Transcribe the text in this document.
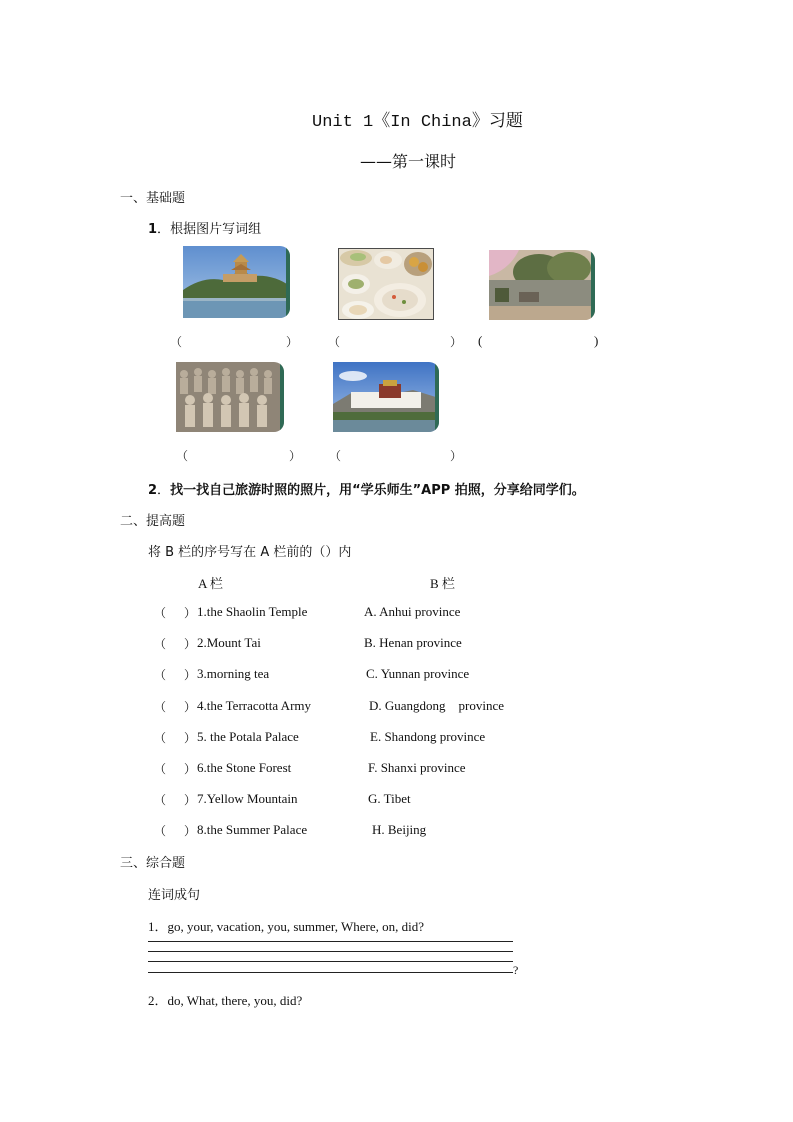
Unit 1《In China》习题
——第一课时
一、基础题
1．根据图片写词组
（	） （	） (	)
（	） （	）
2．找一找自己旅游时照的照片，用“学乐师生”APP 拍照，分享给同学们。
二、提高题
将 B 栏的序号写在 A 栏前的（）内
A 栏	B 栏
（ ） 1.the Shaolin Temple	A. Anhui province
（ ） 2.Mount Tai	B. Henan province
（ ） 3.morning tea	C. Yunnan province
（ ） 4.the Terracotta Army	D. Guangdong    province
（ ） 5. the Potala Palace	E. Shandong province
（ ） 6.the Stone Forest	F. Shanxi province
（ ） 7.Yellow Mountain	G. Tibet
（ ） 8.the Summer Palace	H. Beijing
三、综合题
连词成句
1．go, your, vacation, you, summer, Where, on, did?
?
2．do, What, there, you, did?
